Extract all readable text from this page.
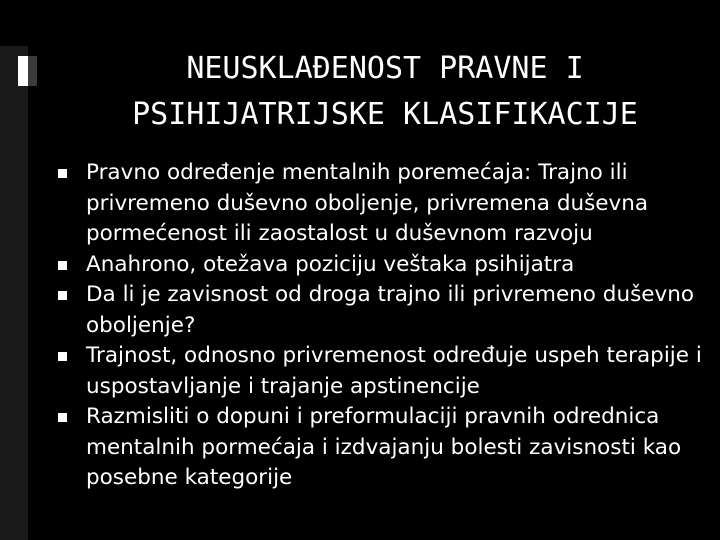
NEUSKLAĐENOST PRAVNE I
PSIHIJATRIJSKE KLASIFIKACIJE
Pravno određenje mentalnih poremećaja: Trajno ili privremeno duševno oboljenje, privremena duševna pormećenost ili zaostalost u duševnom razvoju
Anahrono, otežava poziciju veštaka psihijatra
Da li je zavisnost od droga trajno ili privremeno duševno oboljenje?
Trajnost, odnosno privremenost određuje uspeh terapije i uspostavljanje i trajanje apstinencije
Razmisliti o dopuni i preformulaciji pravnih odrednica mentalnih pormećaja i izdvajanju bolesti zavisnosti kao posebne kategorije
